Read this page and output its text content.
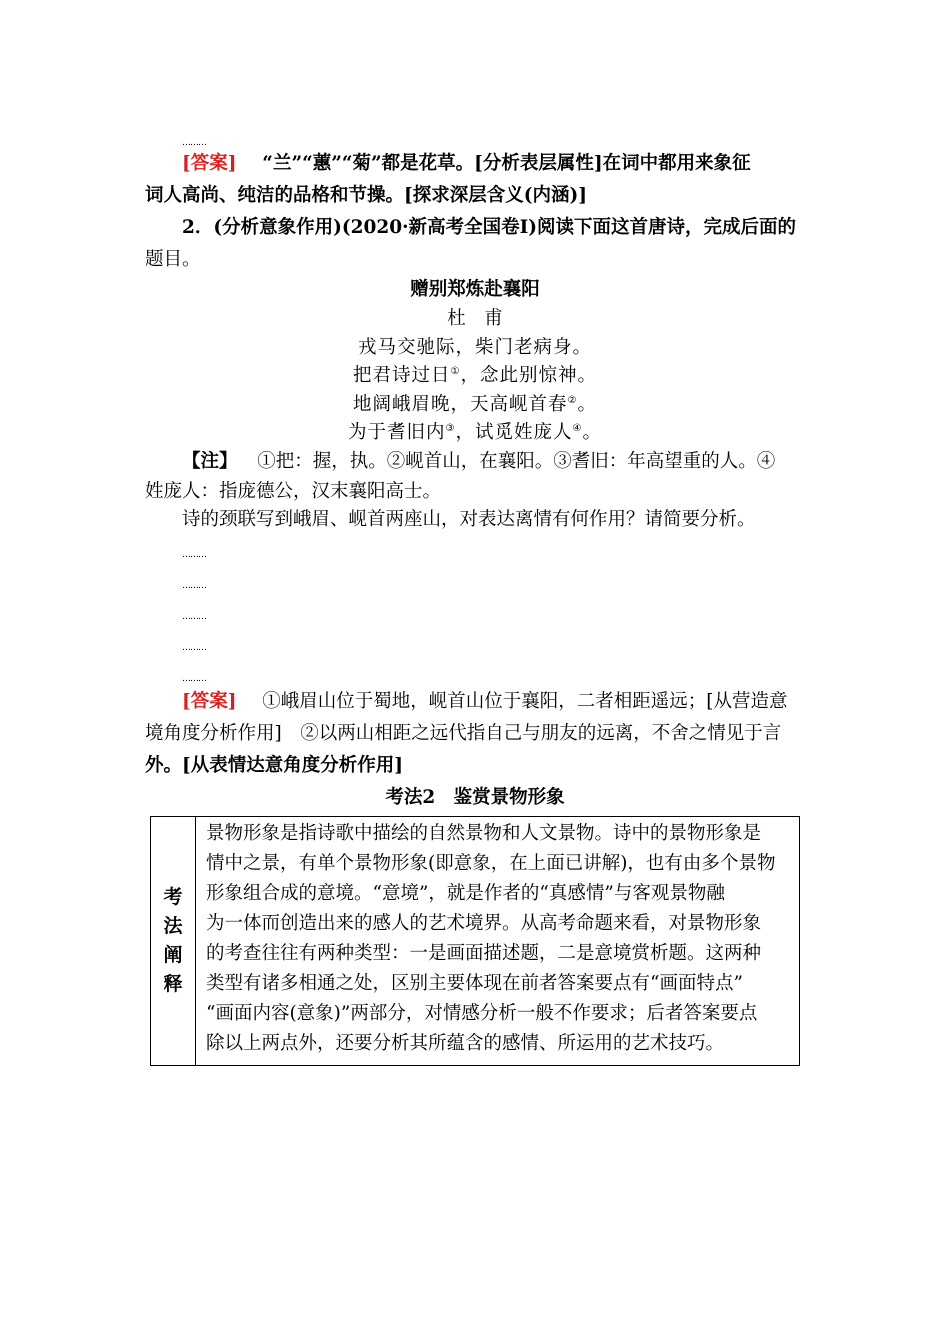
………
[答案] “兰”“蕙”“菊”都是花草。[分析表层属性]在词中都用来象征
词人高尚、纯洁的品格和节操。[探求深层含义(内涵)]
2．(分析意象作用)(2020·新高考全国卷Ⅰ)阅读下面这首唐诗，完成后面的
题目。
赠别郑炼赴襄阳
杜　甫
戎马交驰际，柴门老病身。
把君诗过日①，念此别惊神。
地阔峨眉晚，天高岘首春②。
为于耆旧内③，试觅姓庞人④。
【注】 ①把：握，执。②岘首山，在襄阳。③耆旧：年高望重的人。④
姓庞人：指庞德公，汉末襄阳高士。
诗的颈联写到峨眉、岘首两座山，对表达离情有何作用？请简要分析。
………
………
………
………
………
[答案] ①峨眉山位于蜀地，岘首山位于襄阳，二者相距遥远；[从营造意
境角度分析作用]　②以两山相距之远代指自己与朋友的远离，不舍之情见于言
外。[从表情达意角度分析作用]
考法2　鉴赏景物形象
考
法
阐
释

景物形象是指诗歌中描绘的自然景物和人文景物。诗中的景物形象是
情中之景，有单个景物形象(即意象，在上面已讲解)，也有由多个景物
形象组合成的意境。“意境”，就是作者的“真感情”与客观景物融
为一体而创造出来的感人的艺术境界。从高考命题来看，对景物形象
的考查往往有两种类型：一是画面描述题，二是意境赏析题。这两种
类型有诸多相通之处，区别主要体现在前者答案要点有“画面特点”
“画面内容(意象)”两部分，对情感分析一般不作要求；后者答案要点
除以上两点外，还要分析其所蕴含的感情、所运用的艺术技巧。
